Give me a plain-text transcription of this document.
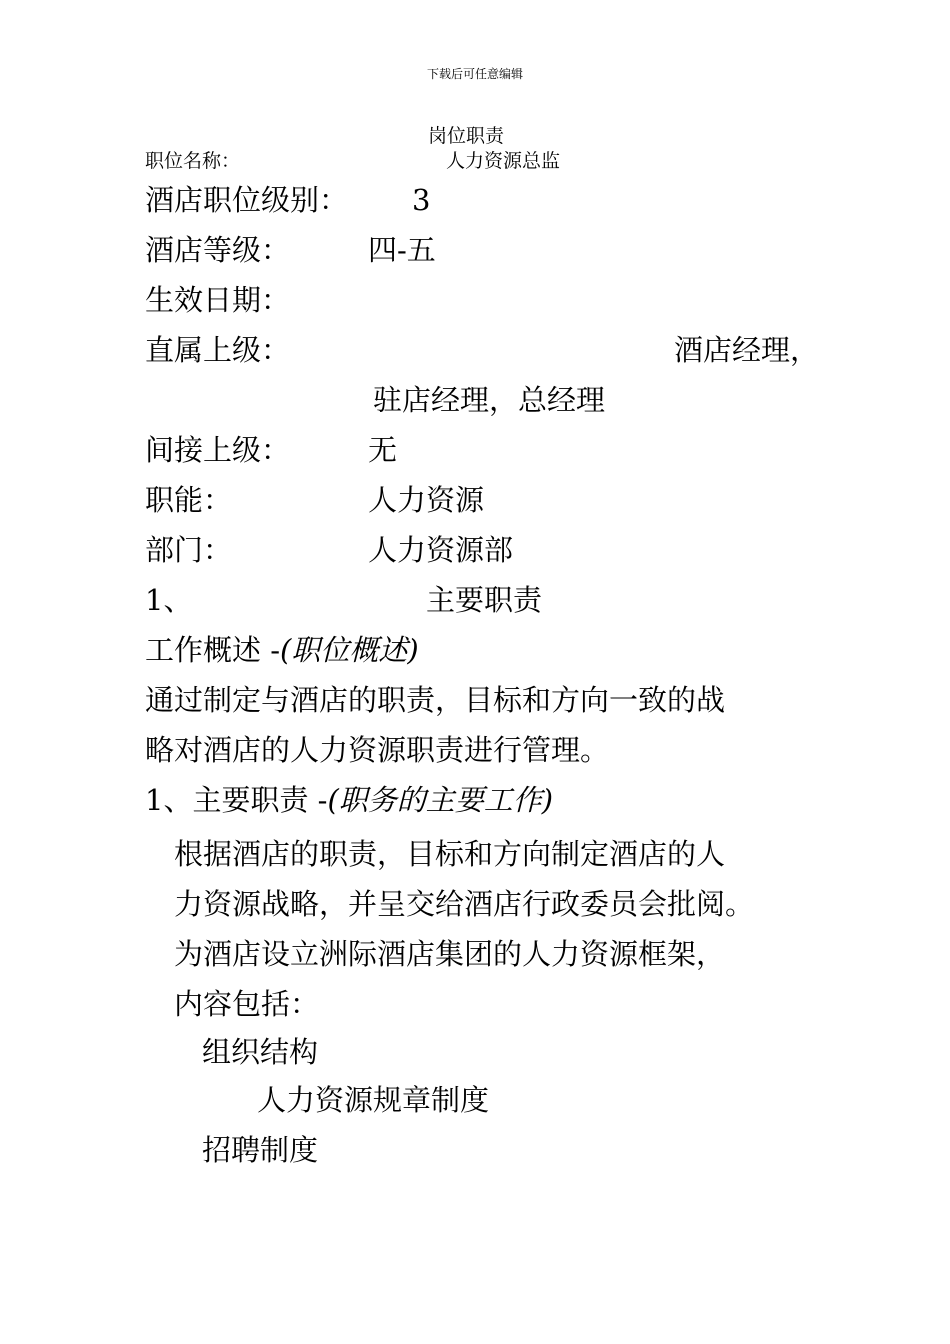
下载后可任意编辑
岗位职责
职位名称：	人力资源总监
酒店职位级别： 3
酒店等级：	四-五
生效日期：
直属上级：	酒店经理，
驻店经理，总经理
间接上级：	无
职能：	人力资源
部门：	人力资源部
1、	主要职责
工作概述 -(职位概述)
通过制定与酒店的职责，目标和方向一致的战
略对酒店的人力资源职责进行管理。
1、主要职责 -(职务的主要工作)
根据酒店的职责，目标和方向制定酒店的人
力资源战略，并呈交给酒店行政委员会批阅。
为酒店设立洲际酒店集团的人力资源框架，
内容包括：
组织结构
人力资源规章制度
招聘制度
